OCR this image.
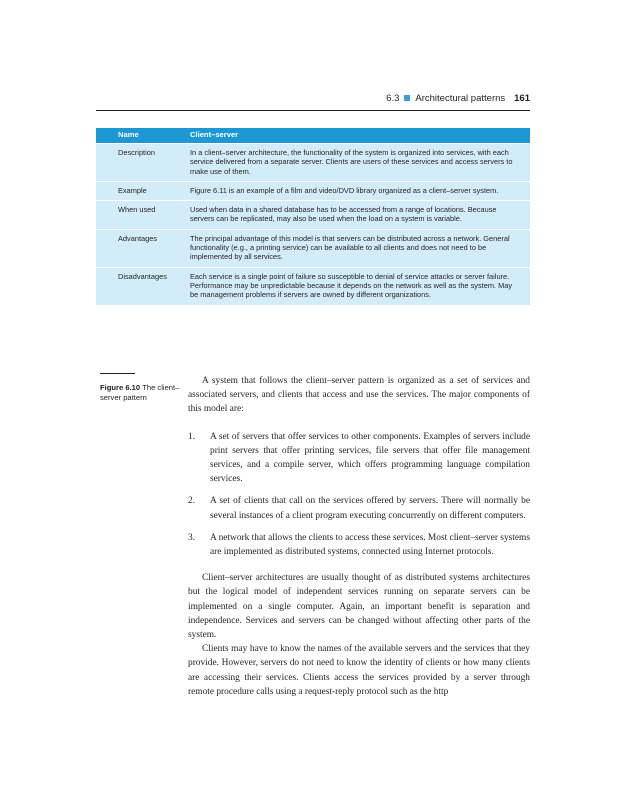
6.3 Architectural patterns 161
Name	Client–server
Description	In a client–server architecture, the functionality of the system is organized into services, with each service delivered from a separate server. Clients are users of these services and access servers to make use of them.
Example	Figure 6.11 is an example of a film and video/DVD library organized as a client–server system.
When used	Used when data in a shared database has to be accessed from a range of locations. Because servers can be replicated, may also be used when the load on a system is variable.
Advantages	The principal advantage of this model is that servers can be distributed across a network. General functionality (e.g., a printing service) can be available to all clients and does not need to be implemented by all services.
Disadvantages	Each service is a single point of failure so susceptible to denial of service attacks or server failure. Performance may be unpredictable because it depends on the network as well as the system. May be management problems if servers are owned by different organizations.
Figure 6.10 The client–server pattern

A system that follows the client–server pattern is organized as a set of services and associated servers, and clients that access and use the services. The major components of this model are:

1. A set of servers that offer services to other components. Examples of servers include print servers that offer printing services, file servers that offer file management services, and a compile server, which offers programming language compilation services.
2. A set of clients that call on the services offered by servers. There will normally be several instances of a client program executing concurrently on different computers.
3. A network that allows the clients to access these services. Most client–server systems are implemented as distributed systems, connected using Internet protocols.

Client–server architectures are usually thought of as distributed systems architectures but the logical model of independent services running on separate servers can be implemented on a single computer. Again, an important benefit is separation and independence. Services and servers can be changed without affecting other parts of the system.

Clients may have to know the names of the available servers and the services that they provide. However, servers do not need to know the identity of clients or how many clients are accessing their services. Clients access the services provided by a server through remote procedure calls using a request-reply protocol such as the http
